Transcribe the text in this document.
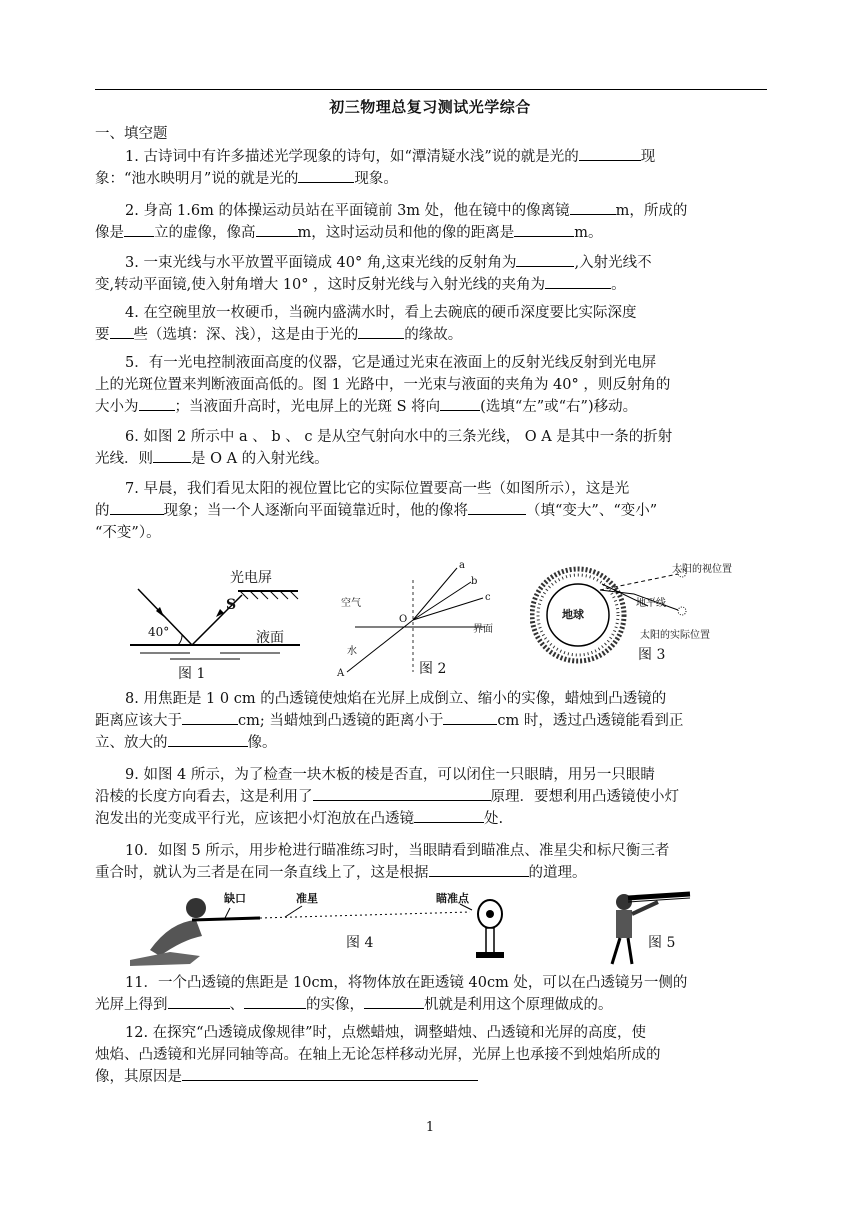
初三物理总复习测试光学综合
一、填空题
1. 古诗词中有许多描述光学现象的诗句，如“潭清疑水浅”说的就是光的	现
象：“池水映明月”说的就是光的	现象。
2. 身高 1.6m 的体操运动员站在平面镜前 3m 处，他在镜中的像离镜	m，所成的
像是 立的虚像，像高	m，这时运动员和他的像的距离是	m。
3. 一束光线与水平放置平面镜成 40° 角,这束光线的反射角为	,入射光线不
变,转动平面镜,使入射角增大 10° ，这时反射光线与入射光线的夹角为	。
4. 在空碗里放一枚硬币，当碗内盛满水时，看上去碗底的硬币深度要比实际深度
要 些（选填：深、浅），这是由于光的	的缘故。
5．有一光电控制液面高度的仪器，它是通过光束在液面上的反射光线反射到光电屏
上的光斑位置来判断液面高低的。图 1 光路中，一光束与液面的夹角为 40° ，则反射角的
大小为 ；当液面升高时，光电屏上的光斑 S 将向	(选填“左”或“右”)移动。
6. 如图 2 所示中 a 、 b 、 c 是从空气射向水中的三条光线， O A 是其中一条的折射
光线．则	是 O A 的入射光线。
7. 早晨，我们看见太阳的视位置比它的实际位置要高一些（如图所示），这是光
的	现象；当一个人逐渐向平面镜靠近时，他的像将	（填“变大”、“变小”
“不变”）。
光电屏
S
40°	液面
图 1
空气
水
O
界面
a
b
c
A	图 2
地球
太阳的视位置
地平线
太阳的实际位置
图 3
8. 用焦距是 1 0 cm 的凸透镜使烛焰在光屏上成倒立、缩小的实像，蜡烛到凸透镜的
距离应该大于	cm; 当蜡烛到凸透镜的距离小于	cm 时，透过凸透镜能看到正
立、放大的	像。
9. 如图 4 所示，为了检查一块木板的棱是否直，可以闭住一只眼睛，用另一只眼睛
沿棱的长度方向看去，这是利用了	原理．要想利用凸透镜使小灯
泡发出的光变成平行光，应该把小灯泡放在凸透镜	处.
10．如图 5 所示，用步枪进行瞄准练习时，当眼睛看到瞄准点、准星尖和标尺衡三者
重合时，就认为三者是在同一条直线上了，这是根据	的道理。
缺口	准星	瞄准点
图 4	图 5
11．一个凸透镜的焦距是 10cm，将物体放在距透镜 40cm 处，可以在凸透镜另一侧的
光屏上得到	、	的实像，	机就是利用这个原理做成的。
12. 在探究“凸透镜成像规律”时，点燃蜡烛，调整蜡烛、凸透镜和光屏的高度，使
烛焰、凸透镜和光屏同轴等高。在轴上无论怎样移动光屏，光屏上也承接不到烛焰所成的
像，其原因是
1
